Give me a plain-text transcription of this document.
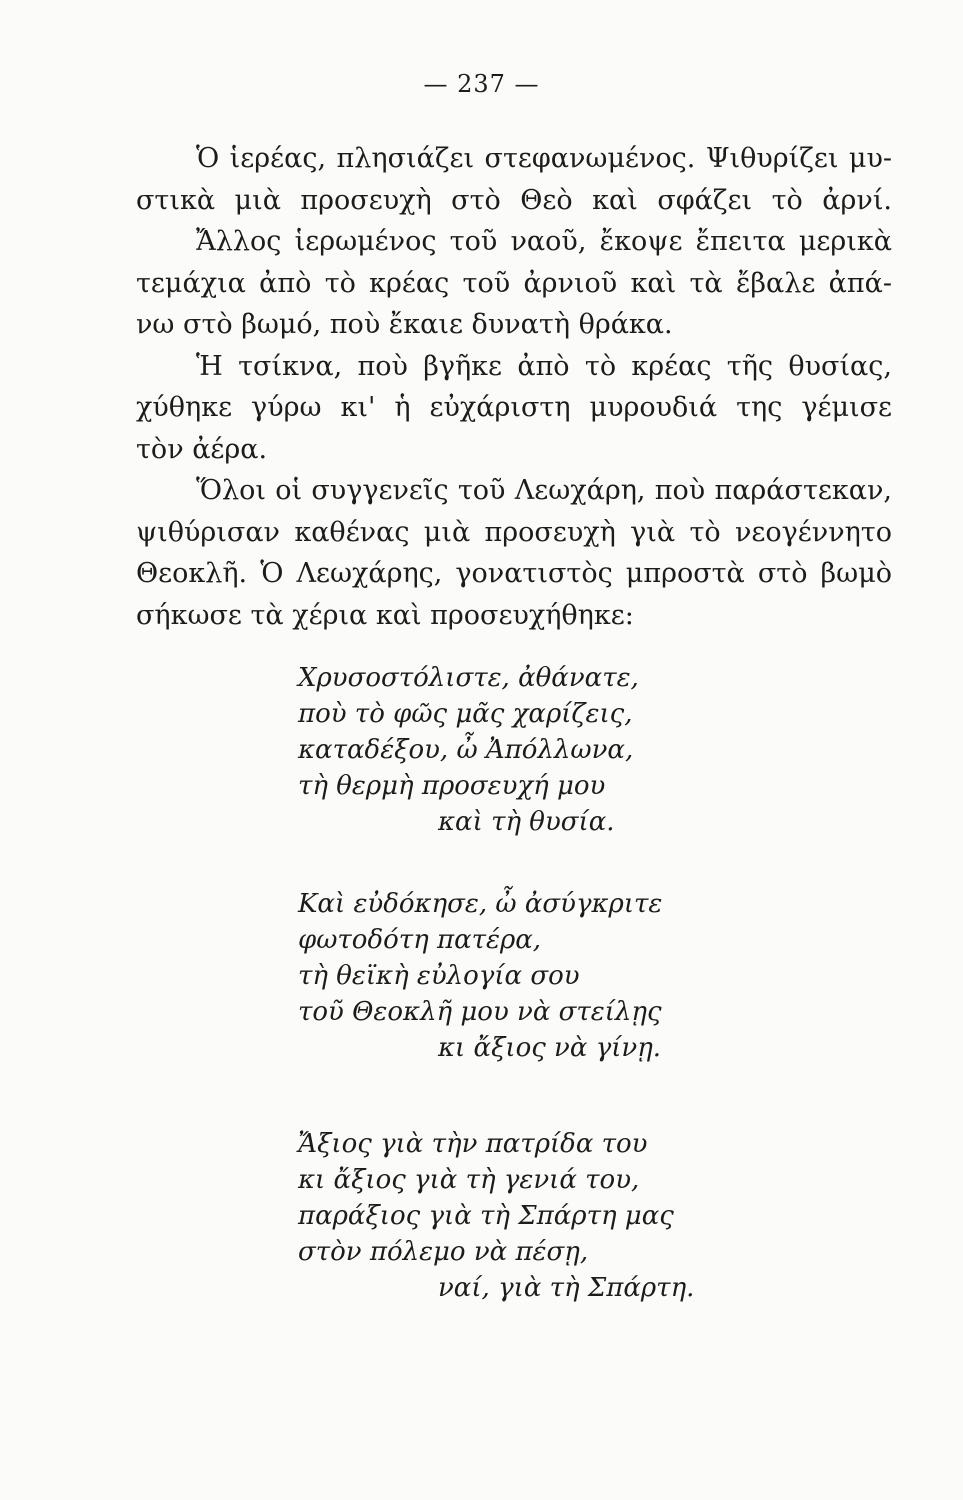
— 237 —
Ὁ ἱερέας, πλησιάζει στεφανωμένος. Ψιθυρίζει μυ-
στικὰ μιὰ προσευχὴ στὸ Θεὸ καὶ σφάζει τὸ ἀρνί.
Ἄλλος ἱερωμένος τοῦ ναοῦ, ἔκοψε ἔπειτα μερικὰ
τεμάχια ἀπὸ τὸ κρέας τοῦ ἀρνιοῦ καὶ τὰ ἔβαλε ἀπά-
νω στὸ βωμό, ποὺ ἔκαιε δυνατὴ θράκα.
Ἡ τσίκνα, ποὺ βγῆκε ἀπὸ τὸ κρέας τῆς θυσίας,
χύθηκε γύρω κι' ἡ εὐχάριστη μυρουδιά της γέμισε
τὸν ἀέρα.
Ὅλοι οἱ συγγενεῖς τοῦ Λεωχάρη, ποὺ παράστεκαν,
ψιθύρισαν καθένας μιὰ προσευχὴ γιὰ τὸ νεογέννητο
Θεοκλῆ. Ὁ Λεωχάρης, γονατιστὸς μπροστὰ στὸ βωμὸ
σήκωσε τὰ χέρια καὶ προσευχήθηκε:
Χρυσοστόλιστε, ἀθάνατε,
ποὺ τὸ φῶς μᾶς χαρίζεις,
καταδέξου, ὦ Ἀπόλλωνα,
τὴ θερμὴ προσευχή μου
καὶ τὴ θυσία.
Καὶ εὐδόκησε, ὦ ἀσύγκριτε
φωτοδότη πατέρα,
τὴ θεϊκὴ εὐλογία σου
τοῦ Θεοκλῆ μου νὰ στείλῃς
κι ἄξιος νὰ γίνῃ.
Ἄξιος γιὰ τὴν πατρίδα του
κι ἄξιος γιὰ τὴ γενιά του,
παράξιος γιὰ τὴ Σπάρτη μας
στὸν πόλεμο νὰ πέσῃ,
ναί, γιὰ τὴ Σπάρτη.
